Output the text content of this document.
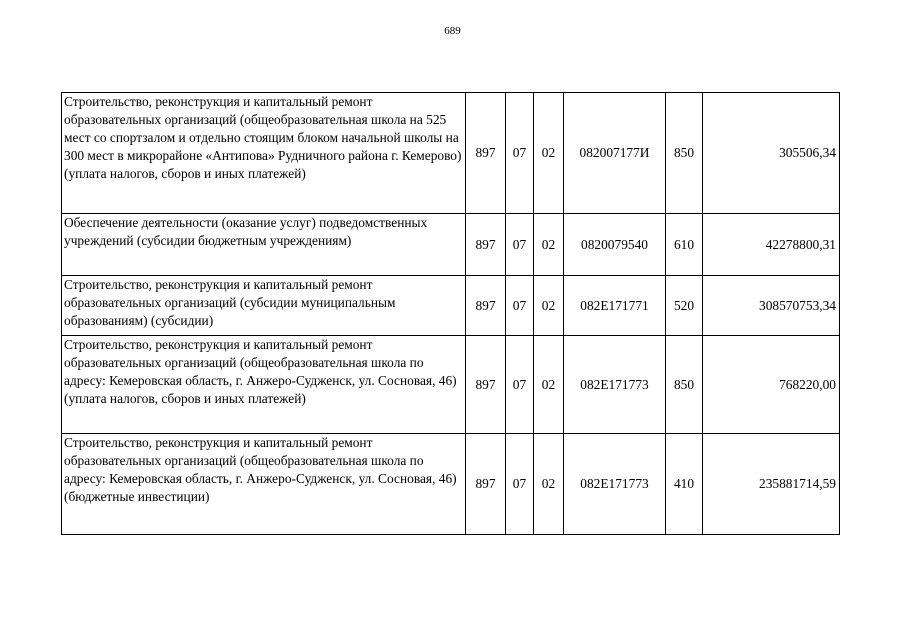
689
Строительство, реконструкция и капитальный ремонт образовательных организаций (общеобразовательная школа на 525 мест со спортзалом и отдельно стоящим блоком начальной школы на 300 мест в микрорайоне «Антипова» Рудничного района г. Кемерово) (уплата налогов, сборов и иных платежей)	897	07	02	082007177И	850	305506,34
Обеспечение деятельности (оказание услуг) подведомственных учреждений (субсидии бюджетным учреждениям)	897	07	02	0820079540	610	42278800,31
Строительство, реконструкция и капитальный ремонт образовательных организаций (субсидии муниципальным образованиям) (субсидии)	897	07	02	082E171771	520	308570753,34
Строительство, реконструкция и капитальный ремонт образовательных организаций (общеобразовательная школа по адресу: Кемеровская область, г. Анжеро-Судженск, ул. Сосновая, 46) (уплата налогов, сборов и иных платежей)	897	07	02	082E171773	850	768220,00
Строительство, реконструкция и капитальный ремонт образовательных организаций (общеобразовательная школа по адресу: Кемеровская область, г. Анжеро-Судженск, ул. Сосновая, 46) (бюджетные инвестиции)	897	07	02	082E171773	410	235881714,59
